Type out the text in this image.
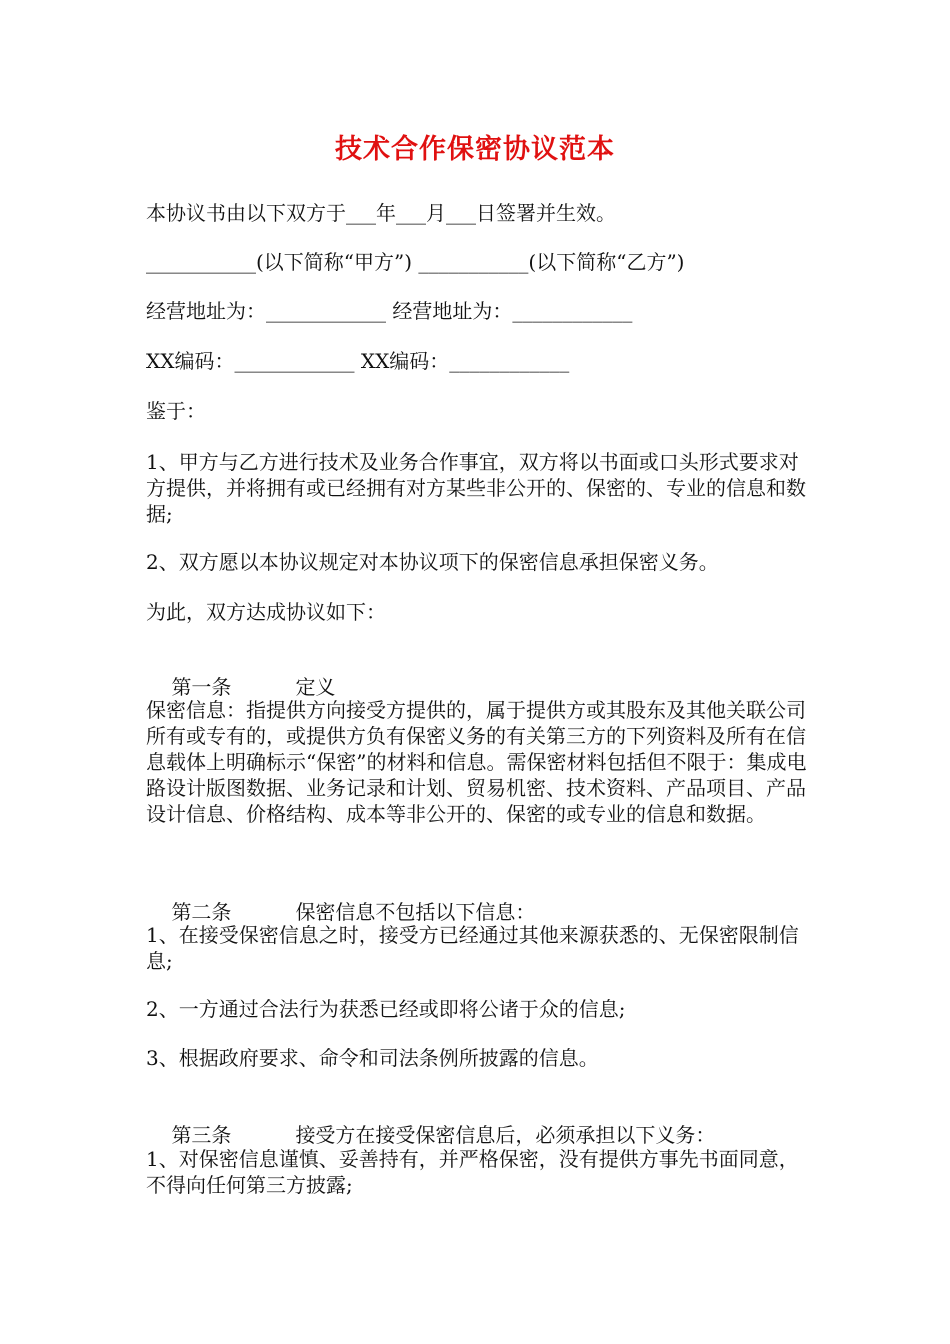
技术合作保密协议范本
本协议书由以下双方于___年___月___日签署并生效。
___________(以下简称“甲方”) ___________(以下简称“乙方”)
经营地址为：____________ 经营地址为：____________
XX编码：____________ XX编码：____________
鉴于：
1、甲方与乙方进行技术及业务合作事宜，双方将以书面或口头形式要求对方提供，并将拥有或已经拥有对方某些非公开的、保密的、专业的信息和数据;
2、双方愿以本协议规定对本协议项下的保密信息承担保密义务。
为此，双方达成协议如下：

第一条	定义

保密信息：指提供方向接受方提供的，属于提供方或其股东及其他关联公司所有或专有的，或提供方负有保密义务的有关第三方的下列资料及所有在信息载体上明确标示“保密”的材料和信息。需保密材料包括但不限于：集成电路设计版图数据、业务记录和计划、贸易机密、技术资料、产品项目、产品设计信息、价格结构、成本等非公开的、保密的或专业的信息和数据。

第二条	保密信息不包括以下信息：

1、在接受保密信息之时，接受方已经通过其他来源获悉的、无保密限制信息;
2、一方通过合法行为获悉已经或即将公诸于众的信息;
3、根据政府要求、命令和司法条例所披露的信息。

第三条	接受方在接受保密信息后，必须承担以下义务：

1、对保密信息谨慎、妥善持有，并严格保密，没有提供方事先书面同意，不得向任何第三方披露;
